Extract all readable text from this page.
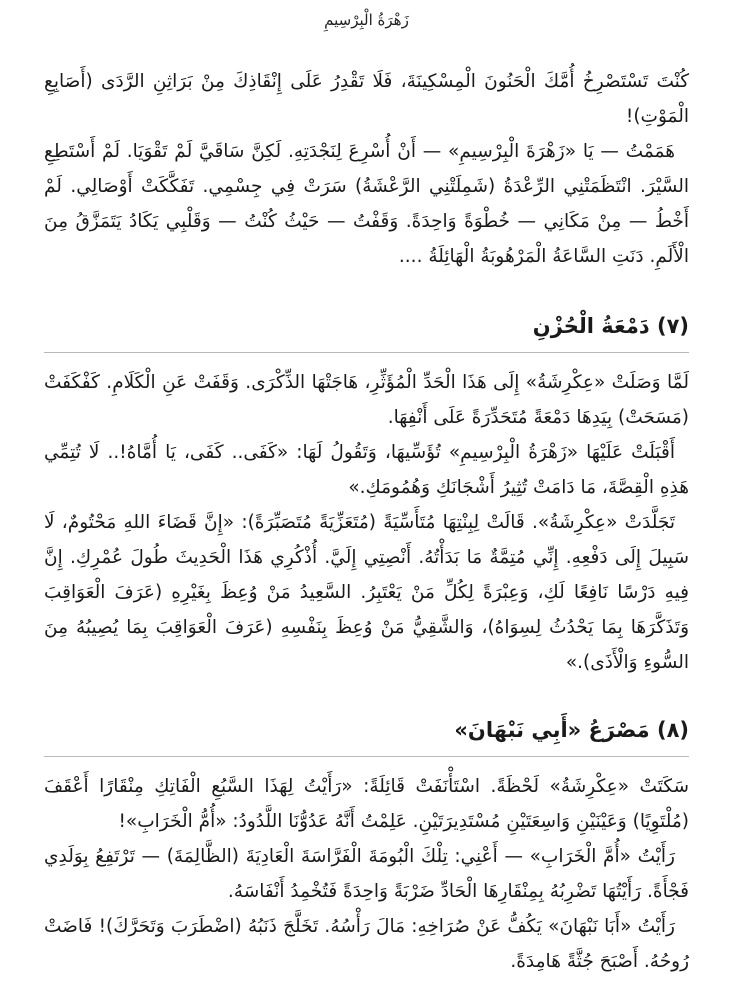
زَهْرَةُ الْبِرْسِيمِ

كُنْتَ تَسْتَصْرِخُ أُمَّكَ الْحَنُونَ الْمِسْكِينَةَ، فَلَا تَقْدِرُ عَلَى إِنْقَاذِكَ مِنْ بَرَاثِنِ الرَّدَى (أَصَابِعِ الْمَوْتِ)!

هَمَمْتُ — يَا «زَهْرَةَ الْبِرْسِيمِ» — أَنْ أُسْرِعَ لِنَجْدَتِهِ. لَكِنَّ سَاقَيَّ لَمْ تَقْوَيَا. لَمْ أَسْتَطِعِ السَّيْرَ. انْتَظَمَتْنِي الرِّعْدَةُ (شَمِلَتْنِي الرَّعْشَةُ) سَرَتْ فِي جِسْمِي. تَفَكَّكَتْ أَوْصَالِي. لَمْ أَخْطُ — مِنْ مَكَانِي — خُطْوَةً وَاحِدَةً. وَقَفْتُ — حَيْثُ كُنْتُ — وَقَلْبِي يَكَادُ يَتَمَزَّقُ مِنَ الْأَلَمِ. دَنَتِ السَّاعَةُ الْمَرْهُوبَةُ الْهَائِلَةُ ....

(٧) دَمْعَةُ الْحُزْنِ

لَمَّا وَصَلَتْ «عِكْرِشَةُ» إِلَى هَذَا الْحَدِّ الْمُؤَثِّرِ، هَاجَتْهَا الذِّكْرَى. وَقَفَتْ عَنِ الْكَلَامِ. كَفْكَفَتْ (مَسَحَتْ) بِيَدِهَا دَمْعَةً مُتَحَدِّرَةً عَلَى أَنْفِهَا.

أَقْبَلَتْ عَلَيْهَا «زَهْرَةُ الْبِرْسِيمِ» تُؤَسِّيهَا، وَتَقُولُ لَهَا: «كَفَى.. كَفَى، يَا أُمَّاهُ!.. لَا تُتِمِّي هَذِهِ الْقِصَّةَ، مَا دَامَتْ تُثِيرُ أَشْجَانَكِ وَهُمُومَكِ.»

تَجَلَّدَتْ «عِكْرِشَةُ». قَالَتْ لِبِنْتِهَا مُتَأَسِّيَةً (مُتَعَزِّيَةً مُتَصَبِّرَةً): «إِنَّ قَضَاءَ اللهِ مَحْتُومٌ، لَا سَبِيلَ إِلَى دَفْعِهِ. إِنِّي مُتِمَّةٌ مَا بَدَأْتُهُ. أَنْصِتِي إِلَيَّ. أُذْكُرِي هَذَا الْحَدِيثَ طُولَ عُمْرِكِ. إِنَّ فِيهِ دَرْسًا نَافِعًا لَكِ، وَعِبْرَةً لِكُلِّ مَنْ يَعْتَبِرُ. السَّعِيدُ مَنْ وُعِظَ بِغَيْرِهِ (عَرَفَ الْعَوَاقِبَ وَتَذَكَّرَهَا بِمَا يَحْدُثُ لِسِوَاهُ)، وَالشَّقِيُّ مَنْ وُعِظَ بِنَفْسِهِ (عَرَفَ الْعَوَاقِبَ بِمَا يُصِيبُهُ مِنَ السُّوءِ وَالْأَذَى).»

(٨) مَصْرَعُ «أَبِي نَبْهَانَ»

سَكَتَتْ «عِكْرِشَةُ» لَحْظَةً. اسْتَأْنَفَتْ قَائِلَةً: «رَأَيْتُ لِهَذَا السَّبُعِ الْفَاتِكِ مِنْقَارًا أَعْقَفَ (مُلْتَوِيًا) وَعَيْنَيْنِ وَاسِعَتَيْنِ مُسْتَدِيرَتَيْنِ. عَلِمْتُ أَنَّهُ عَدُوُّنَا اللَّدُودُ: «أُمُّ الْخَرَابِ»!

رَأَيْتُ «أُمَّ الْخَرَابِ» — أَعْنِي: تِلْكَ الْبُومَةَ الْفَرَّاسَةَ الْعَادِيَةَ (الظَّالِمَةَ) — تَرْتَفِعُ بِوَلَدِي فَجْأَةً. رَأَيْتُهَا تَضْرِبُهُ بِمِنْقَارِهَا الْحَادِّ ضَرْبَةً وَاحِدَةً فَتُخْمِدُ أَنْفَاسَهُ.

رَأَيْتُ «أَبَا نَبْهَانَ» يَكُفُّ عَنْ صُرَاخِهِ: مَالَ رَأْسُهُ. تَخَلَّجَ ذَنَبُهُ (اضْطَرَبَ وَتَحَرَّكَ)! فَاضَتْ رُوحُهُ. أَصْبَحَ جُثَّةً هَامِدَةً.
